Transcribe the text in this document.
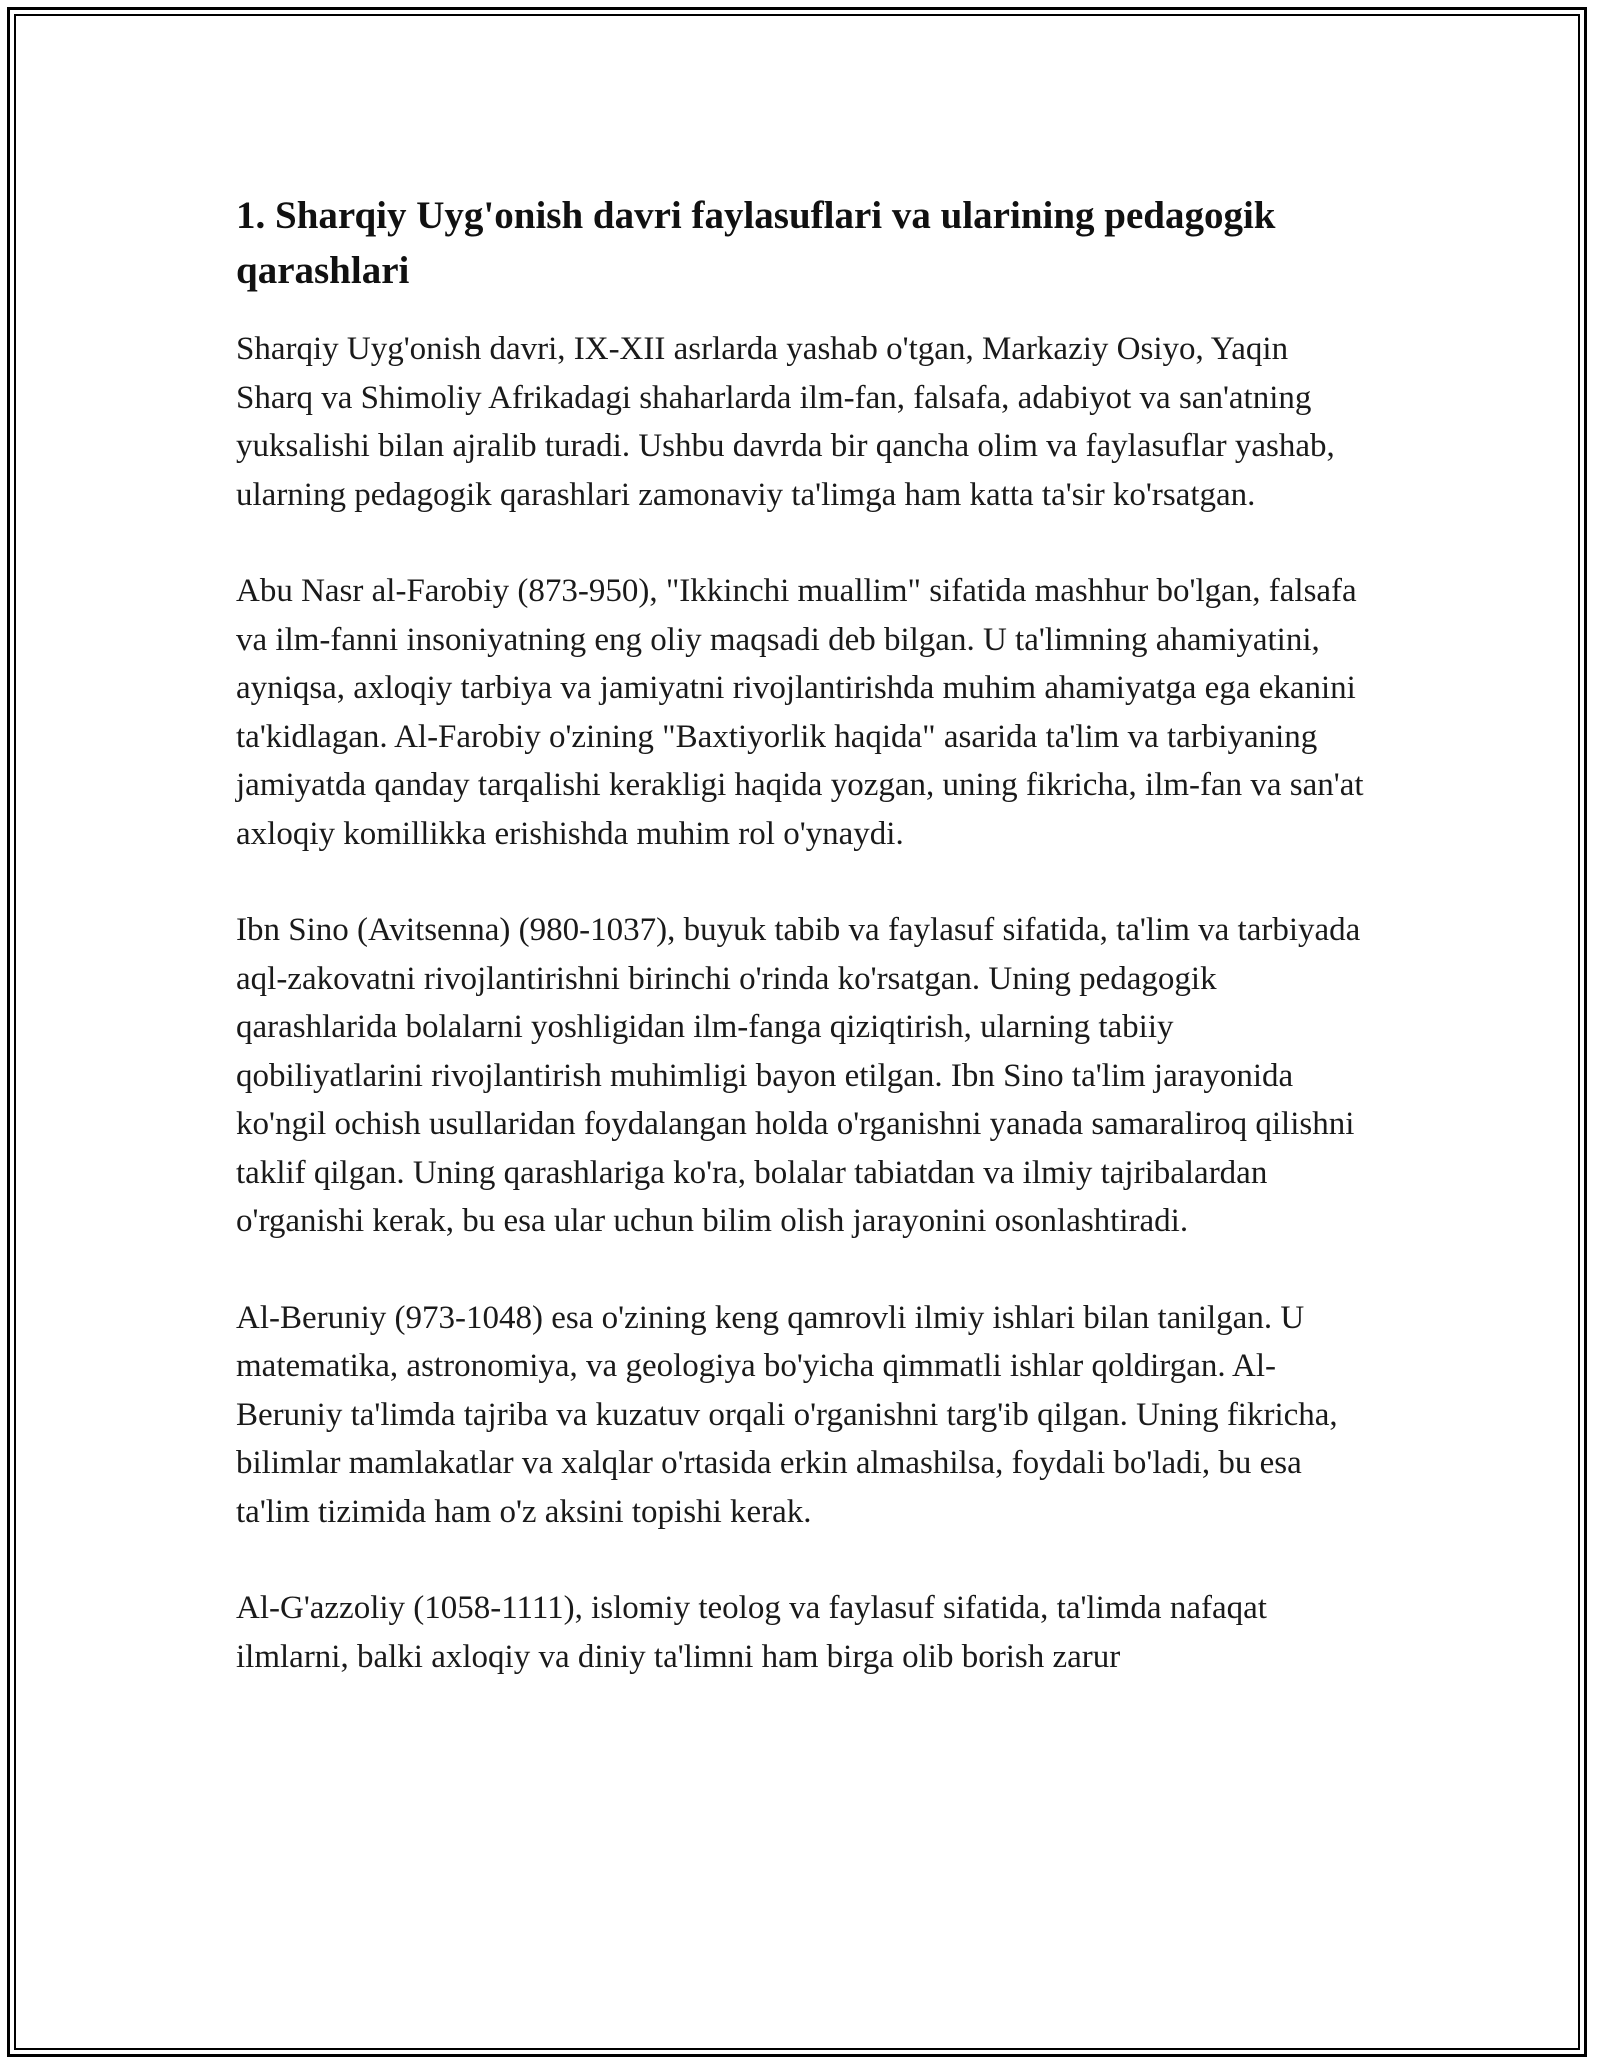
1. Sharqiy Uyg'onish davri faylasuflari va ularining pedagogik qarashlari

Sharqiy Uyg'onish davri, IX-XII asrlarda yashab o'tgan, Markaziy Osiyo, Yaqin Sharq va Shimoliy Afrikadagi shaharlarda ilm-fan, falsafa, adabiyot va san'atning yuksalishi bilan ajralib turadi. Ushbu davrda bir qancha olim va faylasuflar yashab, ularning pedagogik qarashlari zamonaviy ta'limga ham katta ta'sir ko'rsatgan.

Abu Nasr al-Farobiy (873-950), "Ikkinchi muallim" sifatida mashhur bo'lgan, falsafa va ilm-fanni insoniyatning eng oliy maqsadi deb bilgan. U ta'limning ahamiyatini, ayniqsa, axloqiy tarbiya va jamiyatni rivojlantirishda muhim ahamiyatga ega ekanini ta'kidlagan. Al-Farobiy o'zining "Baxtiyorlik haqida" asarida ta'lim va tarbiyaning jamiyatda qanday tarqalishi kerakligi haqida yozgan, uning fikricha, ilm-fan va san'at axloqiy komillikka erishishda muhim rol o'ynaydi.

Ibn Sino (Avitsenna) (980-1037), buyuk tabib va faylasuf sifatida, ta'lim va tarbiyada aql-zakovatni rivojlantirishni birinchi o'rinda ko'rsatgan. Uning pedagogik qarashlarida bolalarni yoshligidan ilm-fanga qiziqtirish, ularning tabiiy qobiliyatlarini rivojlantirish muhimligi bayon etilgan. Ibn Sino ta'lim jarayonida ko'ngil ochish usullaridan foydalangan holda o'rganishni yanada samaraliroq qilishni taklif qilgan. Uning qarashlariga ko'ra, bolalar tabiatdan va ilmiy tajribalardan o'rganishi kerak, bu esa ular uchun bilim olish jarayonini osonlashtiradi.

Al-Beruniy (973-1048) esa o'zining keng qamrovli ilmiy ishlari bilan tanilgan. U matematika, astronomiya, va geologiya bo'yicha qimmatli ishlar qoldirgan. Al-Beruniy ta'limda tajriba va kuzatuv orqali o'rganishni targ'ib qilgan. Uning fikricha, bilimlar mamlakatlar va xalqlar o'rtasida erkin almashilsa, foydali bo'ladi, bu esa ta'lim tizimida ham o'z aksini topishi kerak.

Al-G'azzoliy (1058-1111), islomiy teolog va faylasuf sifatida, ta'limda nafaqat ilmlarni, balki axloqiy va diniy ta'limni ham birga olib borish zarur
